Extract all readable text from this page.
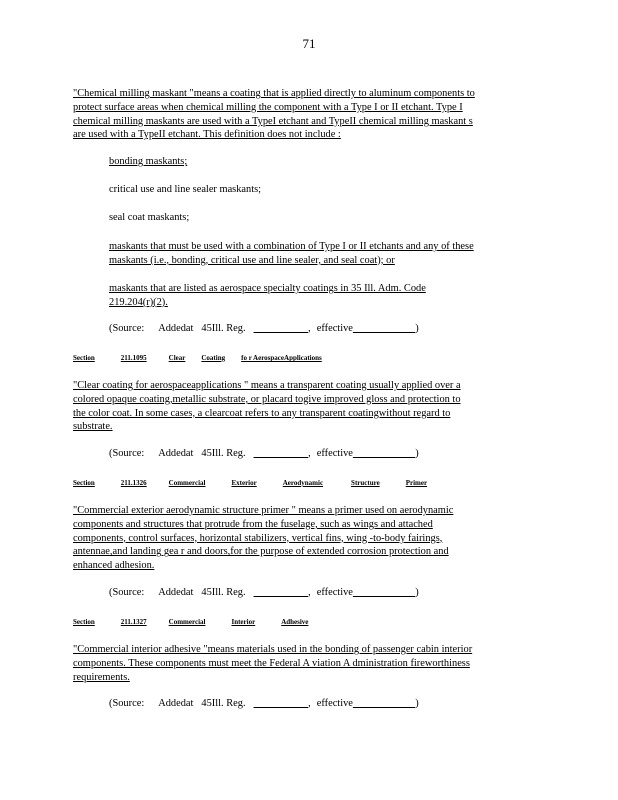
71
"Chemical milling maskant "means a coating that is applied directly to aluminum components to
protect surface areas when chemical milling the component with a Type I or II etchant. Type I
chemical milling maskants are used with a TypeI etchant and TypeII chemical milling maskant s
are used with a TypeII etchant. This definition does not include :
bonding maskants;
critical use and line sealer maskants;
seal coat maskants;
maskants that must be used with a combination of Type I or II etchants and any of these
maskants (i.e., bonding, critical use and line sealer, and seal coat); or
maskants that are listed as aerospace specialty coatings in 35 Ill. Adm. Code
219.204(r)(2).
(Source: Addedat 45Ill. Reg.	, effective	)
Section	211.1095	Clear Coating fo r AerospaceApplications
"Clear coating for aerospaceapplications " means a transparent coating usually applied over a
colored opaque coating,metallic substrate, or placard togive improved gloss and protection to
the color coat. In some cases, a clearcoat refers to any transparent coatingwithout regard to
substrate.
(Source: Addedat 45Ill. Reg.	, effective	)
Section	211.1326	Commercial	Exterior	Aerodynamic	Structure	Primer
"Commercial exterior aerodynamic structure primer " means a primer used on aerodynamic
components and structures that protrude from the fuselage, such as wings and attached
components, control surfaces, horizontal stabilizers, vertical fins, wing -to-body fairings,
antennae,and landing gea r and doors,for the purpose of extended corrosion protection and
enhanced adhesion.
(Source: Addedat 45Ill. Reg.	, effective	)
Section	211.1327	Commercial	Interior	Adhesive
"Commercial interior adhesive "means materials used in the bonding of passenger cabin interior
components. These components must meet the Federal A viation A dministration fireworthiness
requirements.
(Source: Addedat 45Ill. Reg.	, effective	)
